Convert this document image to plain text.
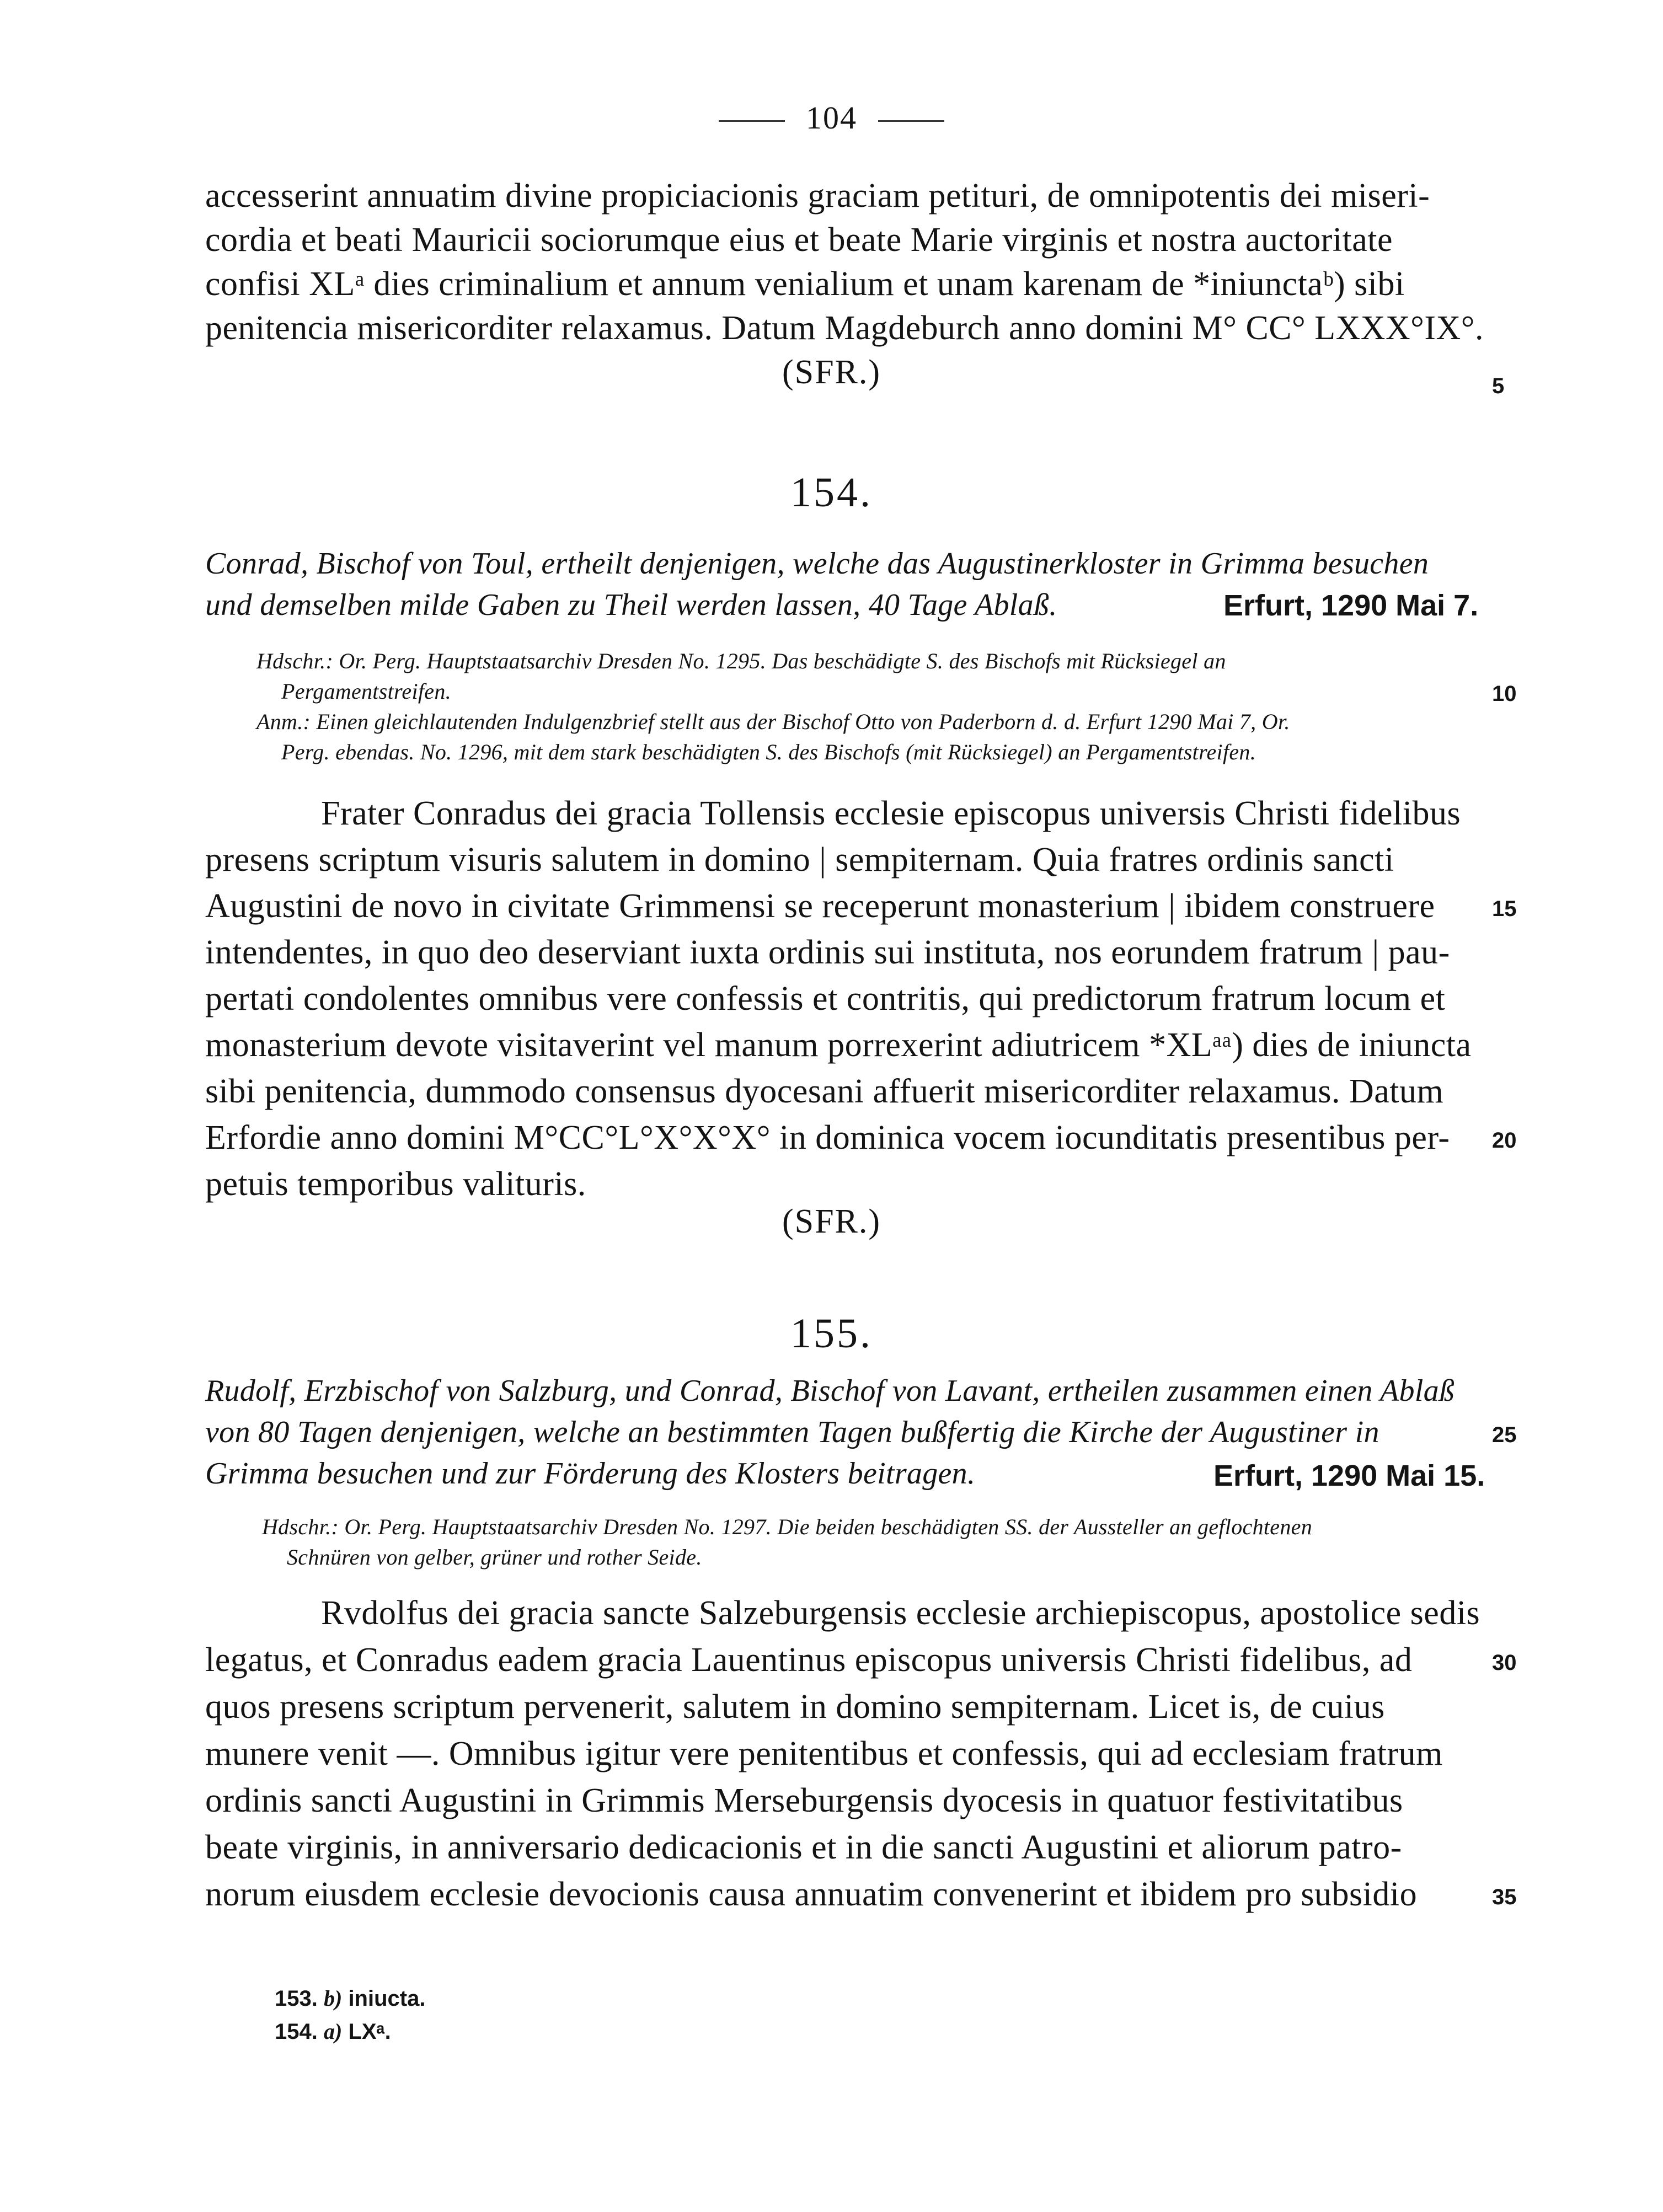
104
accesserint annuatim divine propiciacionis graciam petituri, de omnipotentis dei miseri-
cordia et beati Mauricii sociorumque eius et beate Marie virginis et nostra auctoritate
confisi XLᵃ dies criminalium et annum venialium et unam karenam de *iniunctaᵇ) sibi
penitencia misericorditer relaxamus. Datum Magdeburch anno domini M° CC° LXXX°IX°.
(SFR.)
154.
Conrad, Bischof von Toul, ertheilt denjenigen, welche das Augustinerkloster in Grimma besuchen
und demselben milde Gaben zu Theil werden lassen, 40 Tage Ablaß.	Erfurt, 1290 Mai 7.
Hdschr.: Or. Perg. Hauptstaatsarchiv Dresden No. 1295. Das beschädigte S. des Bischofs mit Rücksiegel an
Pergamentstreifen.
Anm.: Einen gleichlautenden Indulgenzbrief stellt aus der Bischof Otto von Paderborn d. d. Erfurt 1290 Mai 7, Or.
Perg. ebendas. No. 1296, mit dem stark beschädigten S. des Bischofs (mit Rücksiegel) an Pergamentstreifen.
Frater Conradus dei gracia Tollensis ecclesie episcopus universis Christi fidelibus
presens scriptum visuris salutem in domino | sempiternam. Quia fratres ordinis sancti
Augustini de novo in civitate Grimmensi se receperunt monasterium | ibidem construere
intendentes, in quo deo deserviant iuxta ordinis sui instituta, nos eorundem fratrum | pau-
pertati condolentes omnibus vere confessis et contritis, qui predictorum fratrum locum et
monasterium devote visitaverint vel manum porrexerint adiutricem *XLᵃᵃ) dies de iniuncta
sibi penitencia, dummodo consensus dyocesani affuerit misericorditer relaxamus. Datum
Erfordie anno domini M°CC°L°X°X°X° in dominica vocem iocunditatis presentibus per-
petuis temporibus valituris.
(SFR.)
155.
Rudolf, Erzbischof von Salzburg, und Conrad, Bischof von Lavant, ertheilen zusammen einen Ablaß
von 80 Tagen denjenigen, welche an bestimmten Tagen bußfertig die Kirche der Augustiner in
Grimma besuchen und zur Förderung des Klosters beitragen.	Erfurt, 1290 Mai 15.
Hdschr.: Or. Perg. Hauptstaatsarchiv Dresden No. 1297. Die beiden beschädigten SS. der Aussteller an geflochtenen
Schnüren von gelber, grüner und rother Seide.
Rvdolfus dei gracia sancte Salzeburgensis ecclesie archiepiscopus, apostolice sedis
legatus, et Conradus eadem gracia Lauentinus episcopus universis Christi fidelibus, ad
quos presens scriptum pervenerit, salutem in domino sempiternam. Licet is, de cuius
munere venit —. Omnibus igitur vere penitentibus et confessis, qui ad ecclesiam fratrum
ordinis sancti Augustini in Grimmis Merseburgensis dyocesis in quatuor festivitatibus
beate virginis, in anniversario dedicacionis et in die sancti Augustini et aliorum patro-
norum eiusdem ecclesie devocionis causa annuatim convenerint et ibidem pro subsidio
5
10
15
20
25
30
35
153. b) iniucta.
154. a) LXᵃ.
